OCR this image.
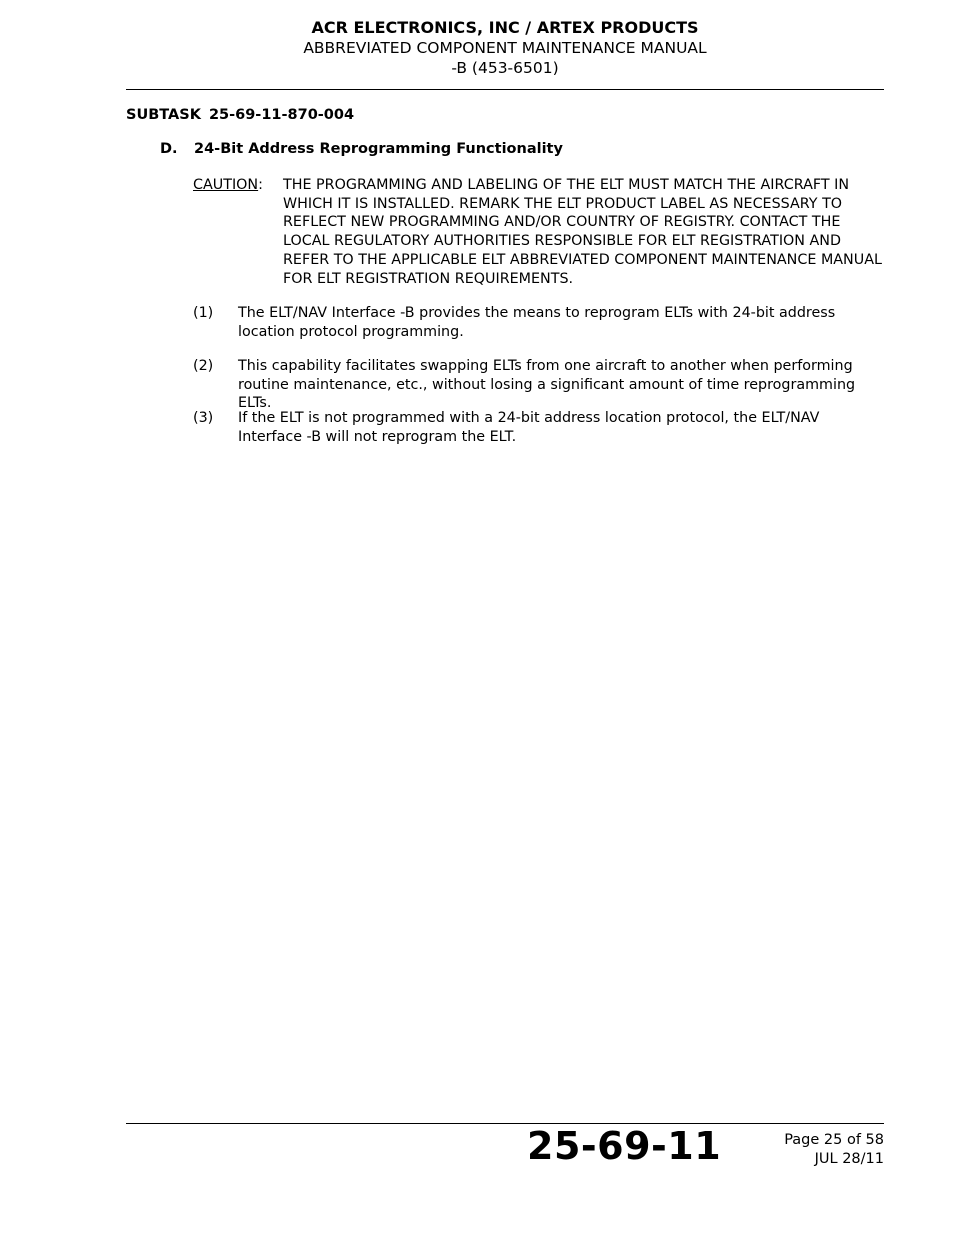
ACR ELECTRONICS, INC / ARTEX PRODUCTS
ABBREVIATED COMPONENT MAINTENANCE MANUAL
-B (453-6501)
SUBTASK 25-69-11-870-004
D. 24-Bit Address Reprogramming Functionality
CAUTION: THE PROGRAMMING AND LABELING OF THE ELT MUST MATCH THE AIRCRAFT IN WHICH IT IS INSTALLED. REMARK THE ELT PRODUCT LABEL AS NECESSARY TO REFLECT NEW PROGRAMMING AND/OR COUNTRY OF REGISTRY. CONTACT THE LOCAL REGULATORY AUTHORITIES RESPONSIBLE FOR ELT REGISTRATION AND REFER TO THE APPLICABLE ELT ABBREVIATED COMPONENT MAINTENANCE MANUAL FOR ELT REGISTRATION REQUIREMENTS.
(1) The ELT/NAV Interface -B provides the means to reprogram ELTs with 24-bit address location protocol programming.
(2) This capability facilitates swapping ELTs from one aircraft to another when performing routine maintenance, etc., without losing a significant amount of time reprogramming ELTs.
(3) If the ELT is not programmed with a 24-bit address location protocol, the ELT/NAV Interface -B will not reprogram the ELT.
25-69-11	Page 25 of 58
JUL 28/11
